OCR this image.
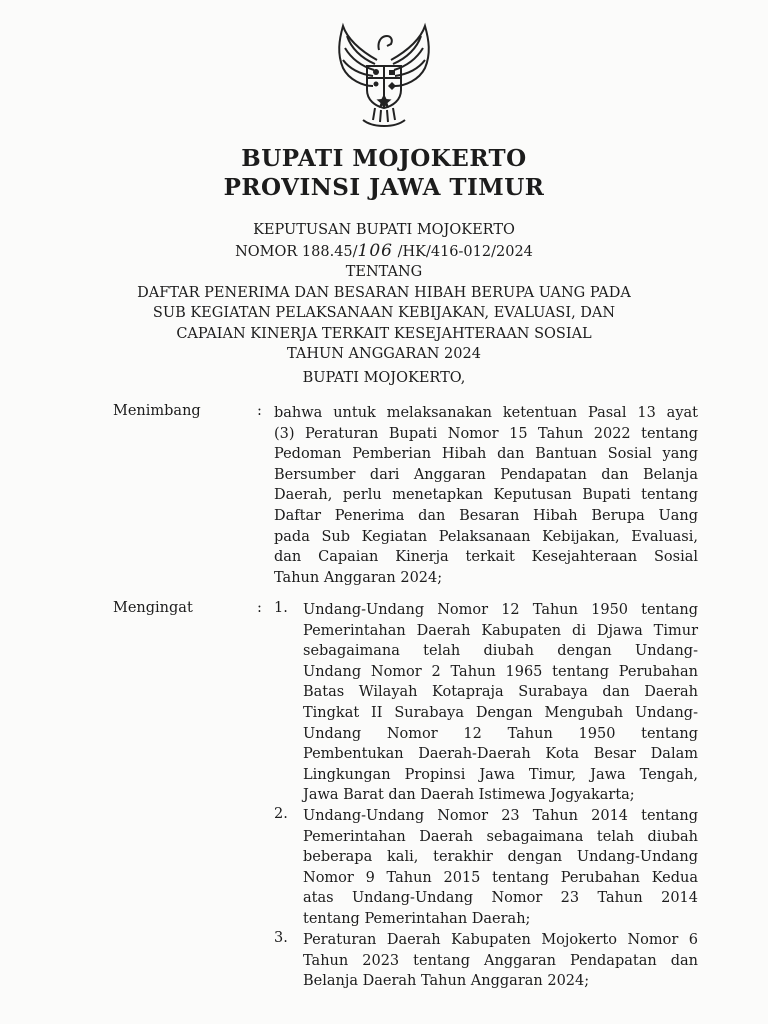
BUPATI MOJOKERTO
PROVINSI JAWA TIMUR
KEPUTUSAN BUPATI MOJOKERTO
NOMOR 188.45/106 /HK/416-012/2024
TENTANG
DAFTAR PENERIMA DAN BESARAN HIBAH BERUPA UANG PADA
SUB KEGIATAN PELAKSANAAN KEBIJAKAN, EVALUASI, DAN
CAPAIAN KINERJA TERKAIT KESEJAHTERAAN SOSIAL
TAHUN ANGGARAN 2024
BUPATI MOJOKERTO,
Menimbang	: bahwa untuk melaksanakan ketentuan Pasal 13 ayat
(3) Peraturan Bupati Nomor 15 Tahun 2022 tentang
Pedoman Pemberian Hibah dan Bantuan Sosial yang
Bersumber dari Anggaran Pendapatan dan Belanja
Daerah, perlu menetapkan Keputusan Bupati tentang
Daftar Penerima dan Besaran Hibah Berupa Uang
pada Sub Kegiatan Pelaksanaan Kebijakan, Evaluasi,
dan Capaian Kinerja terkait Kesejahteraan Sosial
Tahun Anggaran 2024;
Mengingat	: 1. Undang-Undang Nomor 12 Tahun 1950 tentang
Pemerintahan Daerah Kabupaten di Djawa Timur
sebagaimana telah diubah dengan Undang-
Undang Nomor 2 Tahun 1965 tentang Perubahan
Batas Wilayah Kotapraja Surabaya dan Daerah
Tingkat II Surabaya Dengan Mengubah Undang-
Undang Nomor 12 Tahun 1950 tentang
Pembentukan Daerah-Daerah Kota Besar Dalam
Lingkungan Propinsi Jawa Timur, Jawa Tengah,
Jawa Barat dan Daerah Istimewa Jogyakarta;
2. Undang-Undang Nomor 23 Tahun 2014 tentang
Pemerintahan Daerah sebagaimana telah diubah
beberapa kali, terakhir dengan Undang-Undang
Nomor 9 Tahun 2015 tentang Perubahan Kedua
atas Undang-Undang Nomor 23 Tahun 2014
tentang Pemerintahan Daerah;
3. Peraturan Daerah Kabupaten Mojokerto Nomor 6
Tahun 2023 tentang Anggaran Pendapatan dan
Belanja Daerah Tahun Anggaran 2024;
